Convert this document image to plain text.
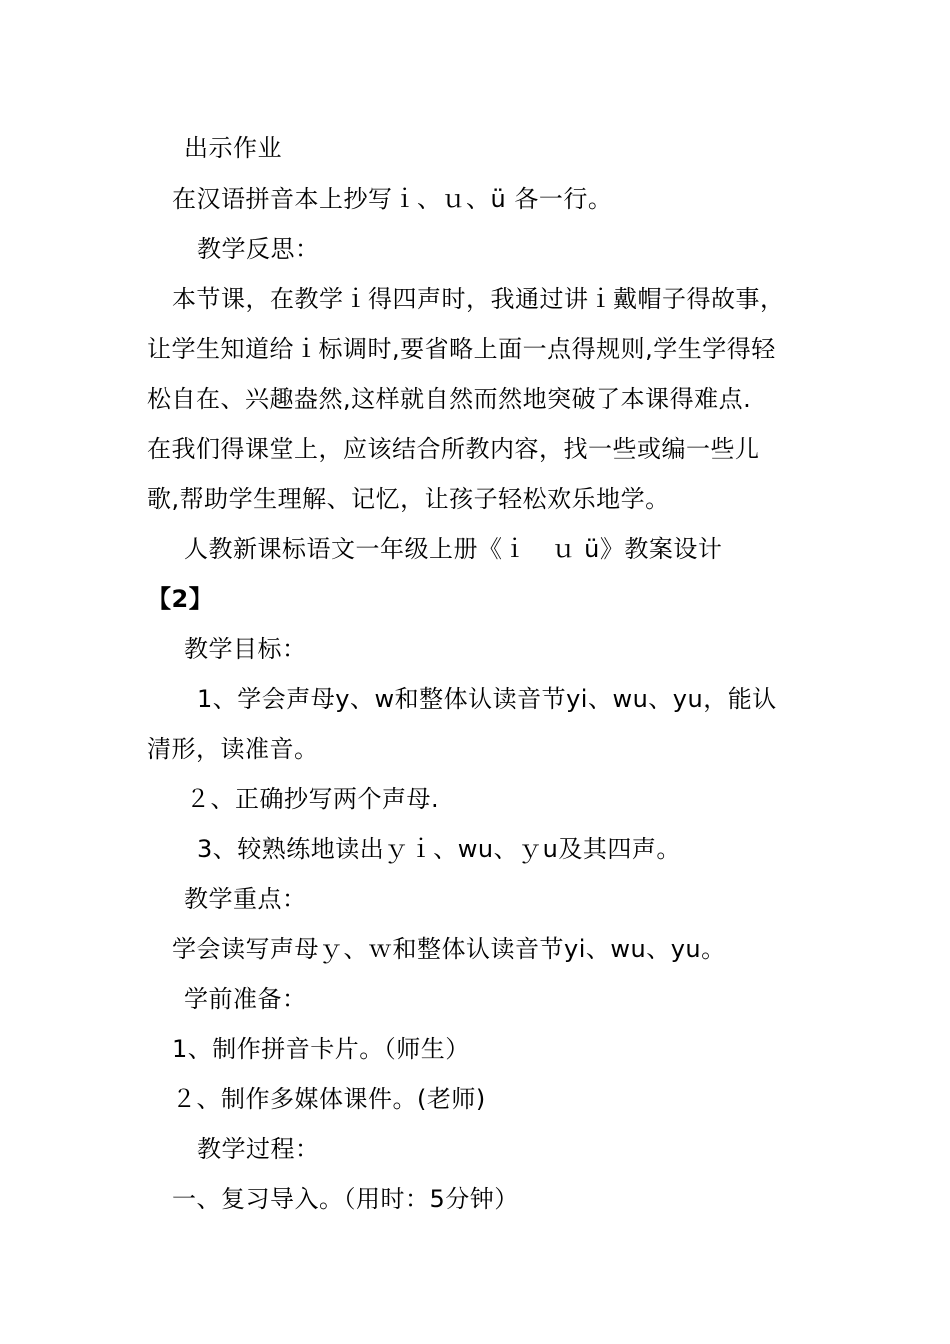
出示作业
在汉语拼音本上抄写ｉ、ｕ、ü 各一行。
教学反思：
本节课，在教学ｉ得四声时，我通过讲ｉ戴帽子得故事，
让学生知道给ｉ标调时,要省略上面一点得规则,学生学得轻
松自在、兴趣盎然,这样就自然而然地突破了本课得难点.
在我们得课堂上，应该结合所教内容，找一些或编一些儿
歌,帮助学生理解、记忆，让孩子轻松欢乐地学。
人教新课标语文一年级上册《ｉ　ｕ ü》教案设计
【2】
教学目标：
1、学会声母y、w和整体认读音节yi、wu、yu，能认
清形，读准音。
２、正确抄写两个声母.
3、较熟练地读出ｙｉ、wu、ｙu及其四声。
教学重点：
学会读写声母ｙ、ｗ和整体认读音节yi、wu、yu。
学前准备：
1、制作拼音卡片。（师生）
２、制作多媒体课件。(老师)
教学过程：
一、复习导入。（用时：5分钟）
